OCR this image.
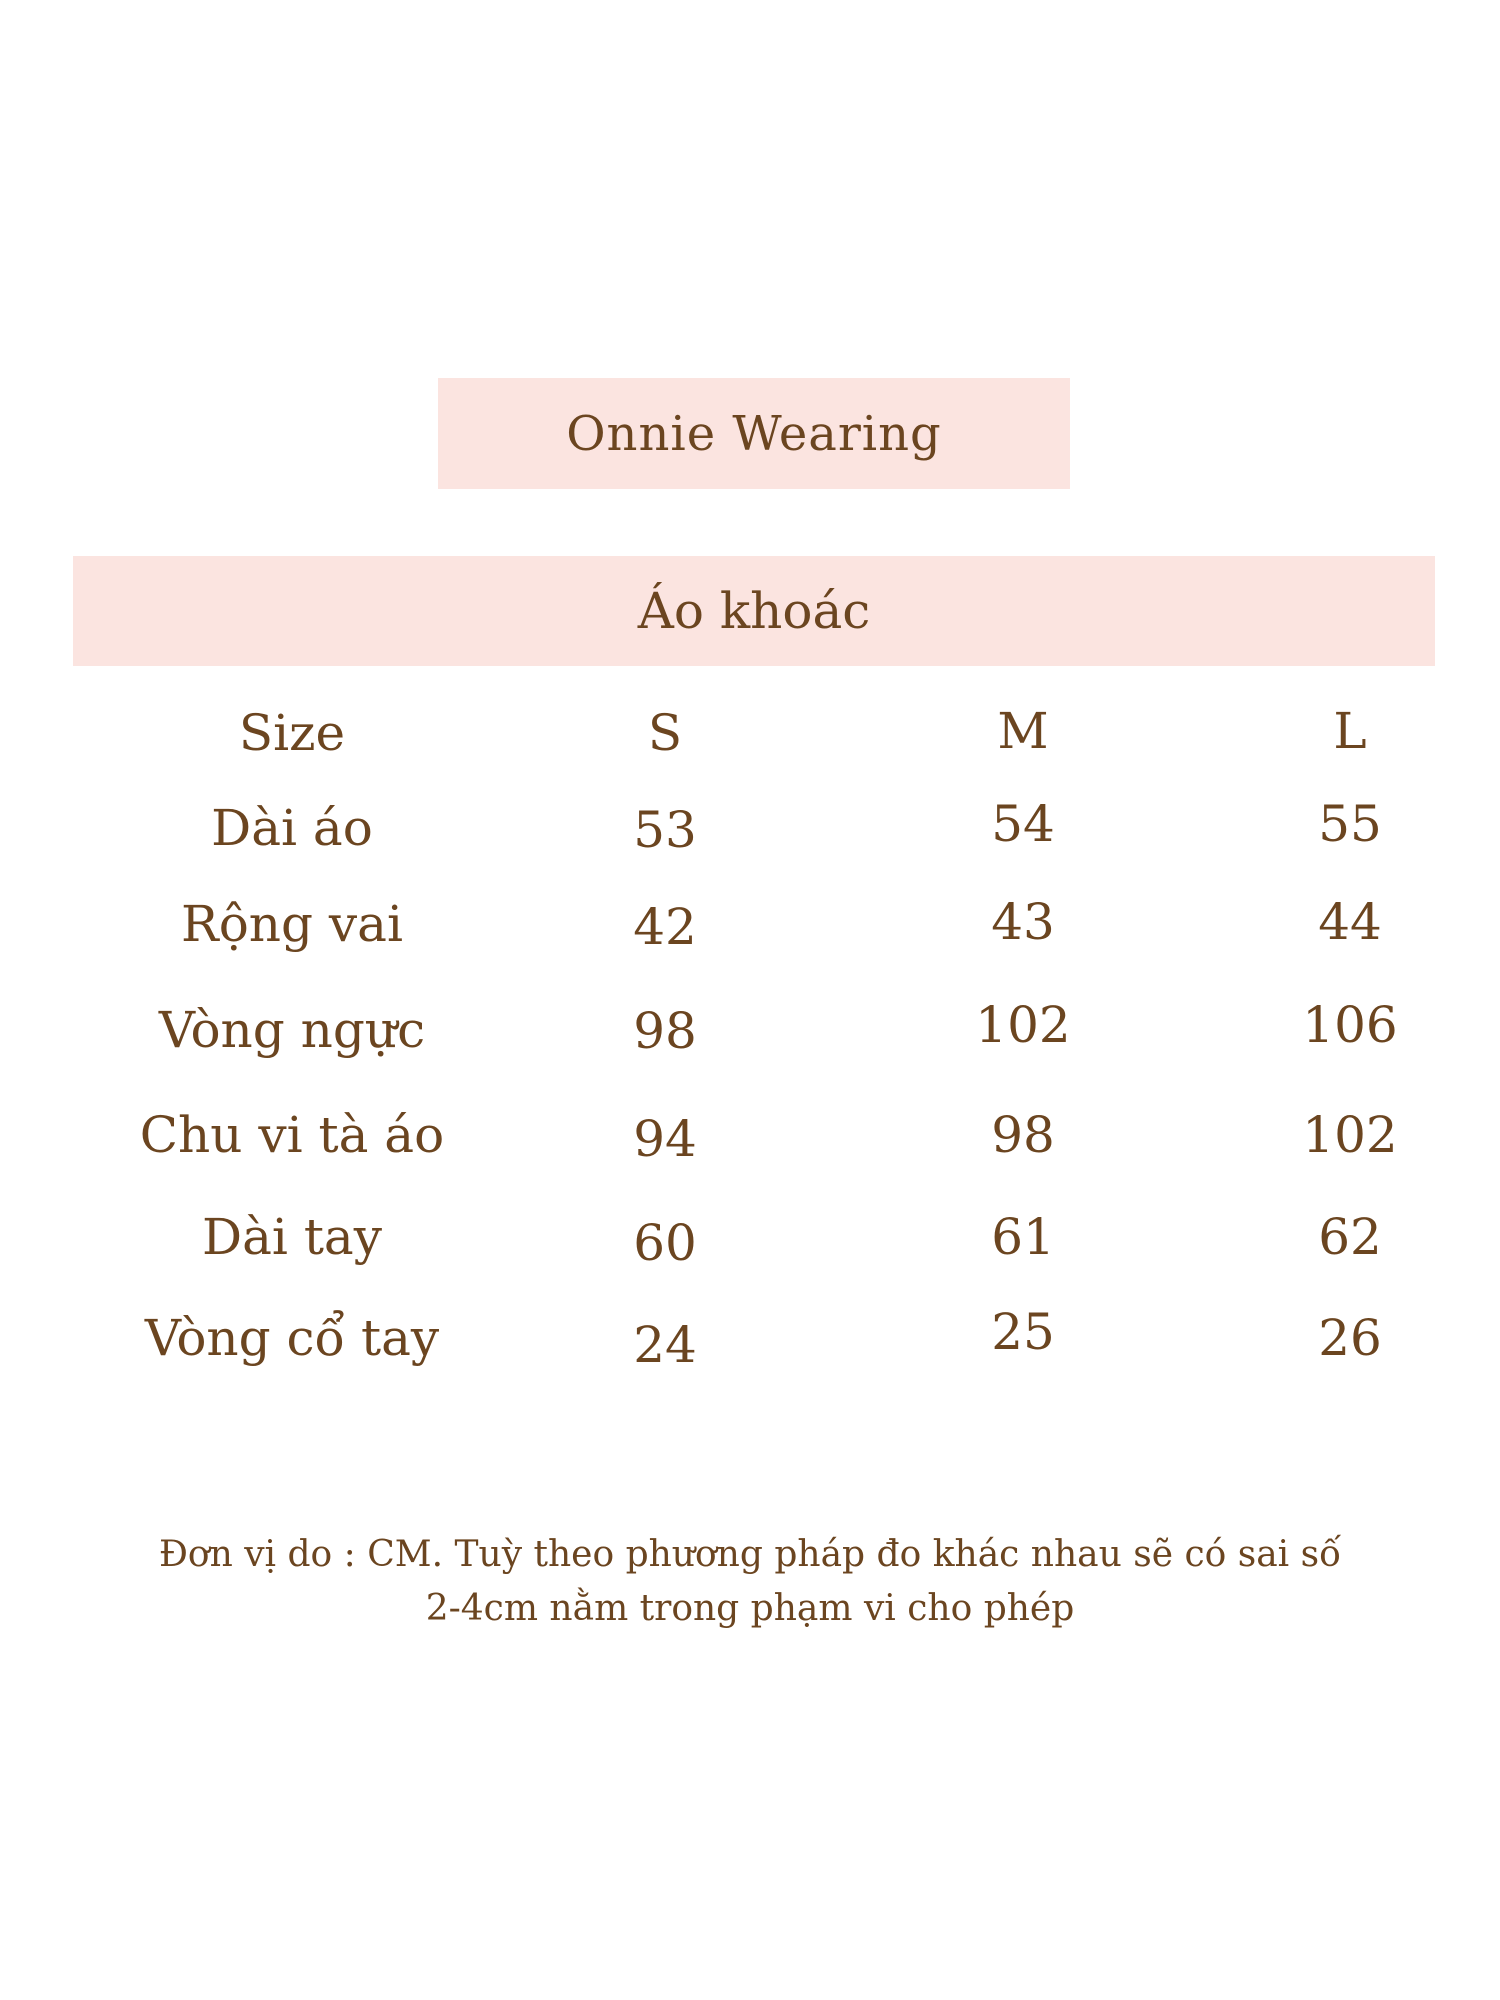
Onnie Wearing
Áo khoác
Size	S	M	L
Dài áo	53	54	55
Rộng vai	42	43	44
Vòng ngực	98	102	106
Chu vi tà áo	94	98	102
Dài tay	60	61	62
Vòng cổ tay	24	25	26
Đơn vị do : CM. Tuỳ theo phương pháp đo khác nhau sẽ có sai số
2-4cm nằm trong phạm vi cho phép
